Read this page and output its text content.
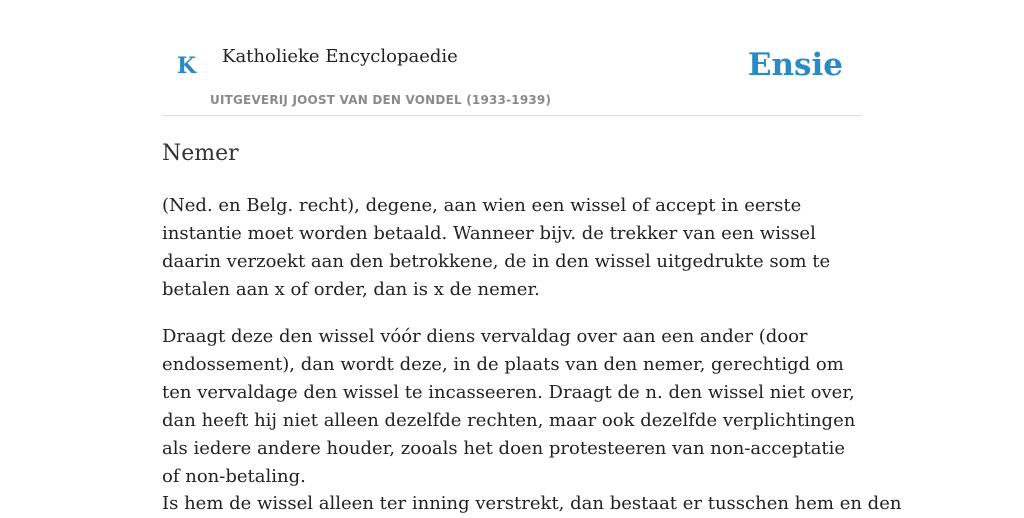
K Katholieke Encyclopaedie
UITGEVERIJ JOOST VAN DEN VONDEL (1933-1939)
Ensie
Nemer

(Ned. en Belg. recht), degene, aan wien een wissel of accept in eerste instantie moet worden betaald. Wanneer bijv. de trekker van een wissel daarin verzoekt aan den betrokkene, de in den wissel uitgedrukte som te betalen aan x of order, dan is x de nemer.

Draagt deze den wissel vóór diens vervaldag over aan een ander (door endossement), dan wordt deze, in de plaats van den nemer, gerechtigd om ten vervaldage den wissel te incasseeren. Draagt de n. den wissel niet over, dan heeft hij niet alleen dezelfde rechten, maar ook dezelfde verplichtingen als iedere andere houder, zooals het doen protesteeren van non-acceptatie of non-betaling.

Is hem de wissel alleen ter inning verstrekt, dan bestaat er tusschen hem en den
